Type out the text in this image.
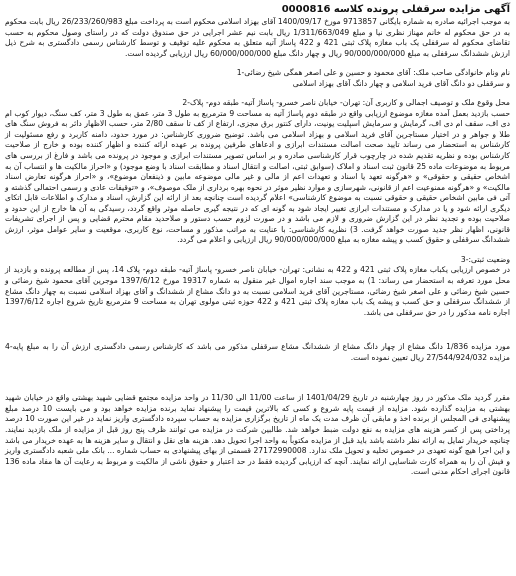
آگهی مزایده سرقفلی پرونده کلاسه 0000816

به موجب اجرائیه صادره به شماره بایگانی 9713857 مورخ 1400/09/17 آقای بهزاد اسلامی محکوم است به پرداخت مبلغ 26/233/260/983 ریال بابت محکوم به در حق محکوم له خانم مهناز نظری نیا و مبلغ 1/311/663/049 ریال بابت نیم عشر اجرایی در حق صندوق دولت که در راستای وصول محکوم به حسب تقاضای محکوم له سرقفلی یک باب مغازه پلاک ثبتی 421 و 422 پاساژ آتیه متعلق به محکوم علیه توقیف و توسط کارشناس رسمی دادگستری به شرح ذیل ارزش ششدانگ سرقفلی به مبلغ 90/000/000/000 ریال و چهار دانگ مبلغ 60/000/000/000 ریال ارزیابی گردیده است.

نام ونام خانوادگی صاحب ملک: آقای محمود و حسین و علی اصغر همگی شیخ رضائی-1

و سرقفلی دو دانگ آقای فرید اسلامی و چهار دانگ آقای بهزاد اسلامی

محل وقوع ملک و توصیف اجمالی و کاربری آن: تهران- خیابان ناصر خسرو- پاساژ آتیه- طبقه دوم- پلاک-2

حسب بازدید بعمل آمده مغازه موضوع ارزیابی واقع در طبقه دوم پاساژ آتیه به مساحت 9 مترمربع به طول 3 متر، عمق به طول 3 متر، کف سنگ، دیوار کوب ام دی اف، سقف ام دی اف، گرمایش و سرمایش اسپلیت یونیت، دارای کنتور برق مجزی، ارتفاع از کف تا سقف 2/80 متر، حسب الاظهار دائر به فروش سنگ های طلا و جواهر و در اختیار مستاجرین آقای فرید اسلامی و بهزاد اسلامی می باشد. توضیح ضروری کارشناس: در مورد حدود، دامنه کاربرد و رفع مسئولیت از کارشناس به استحضار می رساند تایید صحت اصالت مستندات ابرازی و ادعاهای طرفین پرونده بر عهده ارائه کننده و اظهار کننده بوده و خارج از صلاحیت کارشناس بوده و نظریه تقدیم شده در چارچوب قرار کارشناسی صادره و بر اساس تصویر مستندات ابرازی و موجود در پرونده می باشد و فارغ از بررسی های مربوط به موضوعات ماده 25 قانون ثبت اسناد و املاک (سوابق ثبتی، اصالت و انتقال اسناد و مطابقت اسناد با وضع موجود) و «احراز مالکیت ها و انتساب آن به اشخاص حقیقی و حقوقی» و «هرگونه تعهد یا اسناد و تعهدات اعم از مالی و غیر مالی موضوعه مابین و ذینفعان موضوع»، و «احراز هرگونه تعارض اسناد مالکیت» و «هرگونه ممنوعیت اعم از قانونی، شهرسازی و موارد نظیر موثر در نحوه بهره برداری از ملک موصوف»، و «توقیفات عادی و رسمی احتمالی گذشته و آتی فی مابین اشخاص حقیقی و حقوقی نسبت به موضوع کارشناسی» اعلام گردیده است چنانچه بعد از ارائه این گزارش، اسناد و مدارک و اطلاعات قابل اتکای دیگری ارائه شود و یا در مدارک و مستندات ابرازی تغییر ایجاد شود به گونه ای که در نتیجه گیری حاصله موثر واقع گردد، رسیدگی به آن ها خارج از این حدود و صلاحیت بوده و تجدید نظر در این گزارش ضروری و لازم می باشد و در صورت لزوم حسب دستور و صلاحدید مقام محترم قضایی و پس از اجرای تشریفات قانونی، اظهار نظر جدید صورت خواهد گرفت. 3) نظریه کارشناسی: با عنایت به مراتب مذکور و مساحت، نوع کاربری، موقعیت و سایر عوامل موثر، ارزش ششدانگ سرقفلی و حقوق کسب و پیشه مغازه به مبلغ 90/000/000/000 ریال ارزیابی و اعلام می گردد.

وضعیت ثبتی:-3

در خصوص ارزیابی یکباب مغازه پلاک ثبتی 421 و 422 به نشانی: تهران- خیابان ناصر خسرو- پاساژ آتیه- طبقه دوم- پلاک 14، پس از مطالعه پرونده و بازدید از محل مورد تعرفه به استحضار می رساند: 1) به موجب سند اجاره اموال غیر منقول به شماره 19317 مورخ 1397/6/12 موجرین آقای محمود شیخ رضائی و حسین شیخ رضائی و علی اصغر شیخ رضائی، مستاجرین آقای فرید اسلامی نسبت به دو دانگ مشاع از ششدانگ و آقای بهزاد اسلامی نسبت به چهار دانگ مشاع از ششدانگ سرقفلی و حق کسب و پیشه یک باب مغازه پلاک ثبتی 421 و 422 حوزه ثبتی مولوی تهران به مساحت 9 مترمربع تاریخ شروع اجاره 1397/6/12 اجاره نامه مذکور را در حق سرقفلی می باشد.

مورد مزایده 1/836 دانگ مشاع از چهار دانگ مشاع از ششدانگ مشاع سرقفلی مذکور می باشد که کارشناس رسمی دادگستری ارزش آن را به مبلغ پایه-4 مزایده 27/544/924/032 ریال تعیین نموده است.

مقرر گردید ملک مذکور در روز چهارشنبه در تاریخ 1401/04/29 از ساعت 11/00 الی 11/30 در واحد مزایده مجتمع قضایی شهید بهشتی واقع در خیابان شهید بهشتی به مزایده گذارده شود. مزایده از قیمت پایه شروع و کسی که بالاترین قیمت را پیشنهاد نماید برنده مزایده خواهد بود و می بایست 10 درصد مبلغ پیشنهادی فی المجلس از برنده اخذ و مابقی آن ظرف مدت یک ماه از تاریخ برگزاری مزایده به حساب سپرده دادگستری واریز نماید در غیر این صورت 10 درصد پرداختی پس از کسر هزینه های مزایده به نفع دولت ضبط خواهد شد. طالبین شرکت در مزایده می توانند ظرف پنج روز قبل از مزایده از ملک بازدید نمایند. چنانچه خریدار تمایل به ارائه نظر داشته باشد باید قبل از مزایده مکتوباً به واحد اجرا تحویل دهد. هزینه های نقل و انتقال و سایر هزینه ها به عهده خریدار می باشد و این اجرا هیچ گونه تعهدی در خصوص تخلیه و تحویل ملک ندارد. 27172990008 قسمتی از بهای پیشنهادی به حساب شماره ... بانک ملی شعبه دادگستری واریز و فیش آن را به همراه کارت شناسایی ارائه نمایند. آنچه که ارزیابی گردیده فقط در حد اعتبار و حقوق ناشی از مالکیت و مربوط به رعایت آن ها مفاد ماده 136 قانون اجرای احکام مدنی است.
